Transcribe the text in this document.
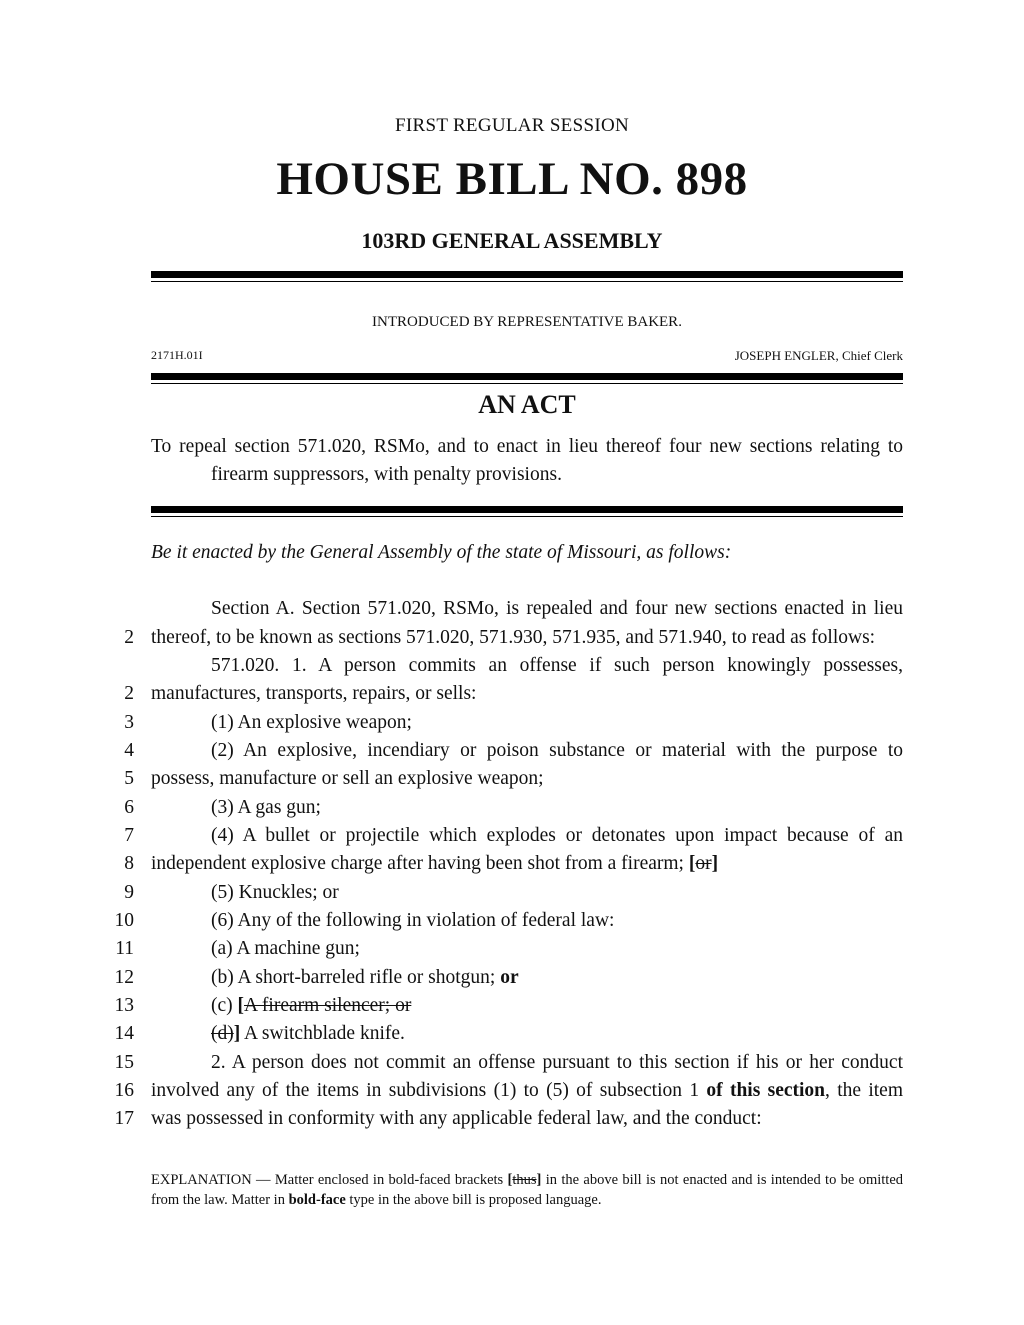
FIRST REGULAR SESSION
HOUSE BILL NO. 898
103RD GENERAL ASSEMBLY
INTRODUCED BY REPRESENTATIVE BAKER.
2171H.01I	JOSEPH ENGLER, Chief Clerk
AN ACT
To repeal section 571.020, RSMo, and to enact in lieu thereof four new sections relating to
firearm suppressors, with penalty provisions.
Be it enacted by the General Assembly of the state of Missouri, as follows:
Section A. Section 571.020, RSMo, is repealed and four new sections enacted in lieu
2 thereof, to be known as sections 571.020, 571.930, 571.935, and 571.940, to read as follows:
571.020. 1. A person commits an offense if such person knowingly possesses,
2 manufactures, transports, repairs, or sells:
3	(1) An explosive weapon;
4	(2) An explosive, incendiary or poison substance or material with the purpose to
5 possess, manufacture or sell an explosive weapon;
6	(3) A gas gun;
7	(4) A bullet or projectile which explodes or detonates upon impact because of an
8 independent explosive charge after having been shot from a firearm; [or]
9	(5) Knuckles; or
10	(6) Any of the following in violation of federal law:
11	(a) A machine gun;
12	(b) A short-barreled rifle or shotgun; or
13	(c) [A firearm silencer; or
14	(d)] A switchblade knife.
15	2. A person does not commit an offense pursuant to this section if his or her conduct
16 involved any of the items in subdivisions (1) to (5) of subsection 1 of this section, the item
17 was possessed in conformity with any applicable federal law, and the conduct:
EXPLANATION — Matter enclosed in bold-faced brackets [thus] in the above bill is not enacted and is intended to be omitted from the law. Matter in bold-face type in the above bill is proposed language.
